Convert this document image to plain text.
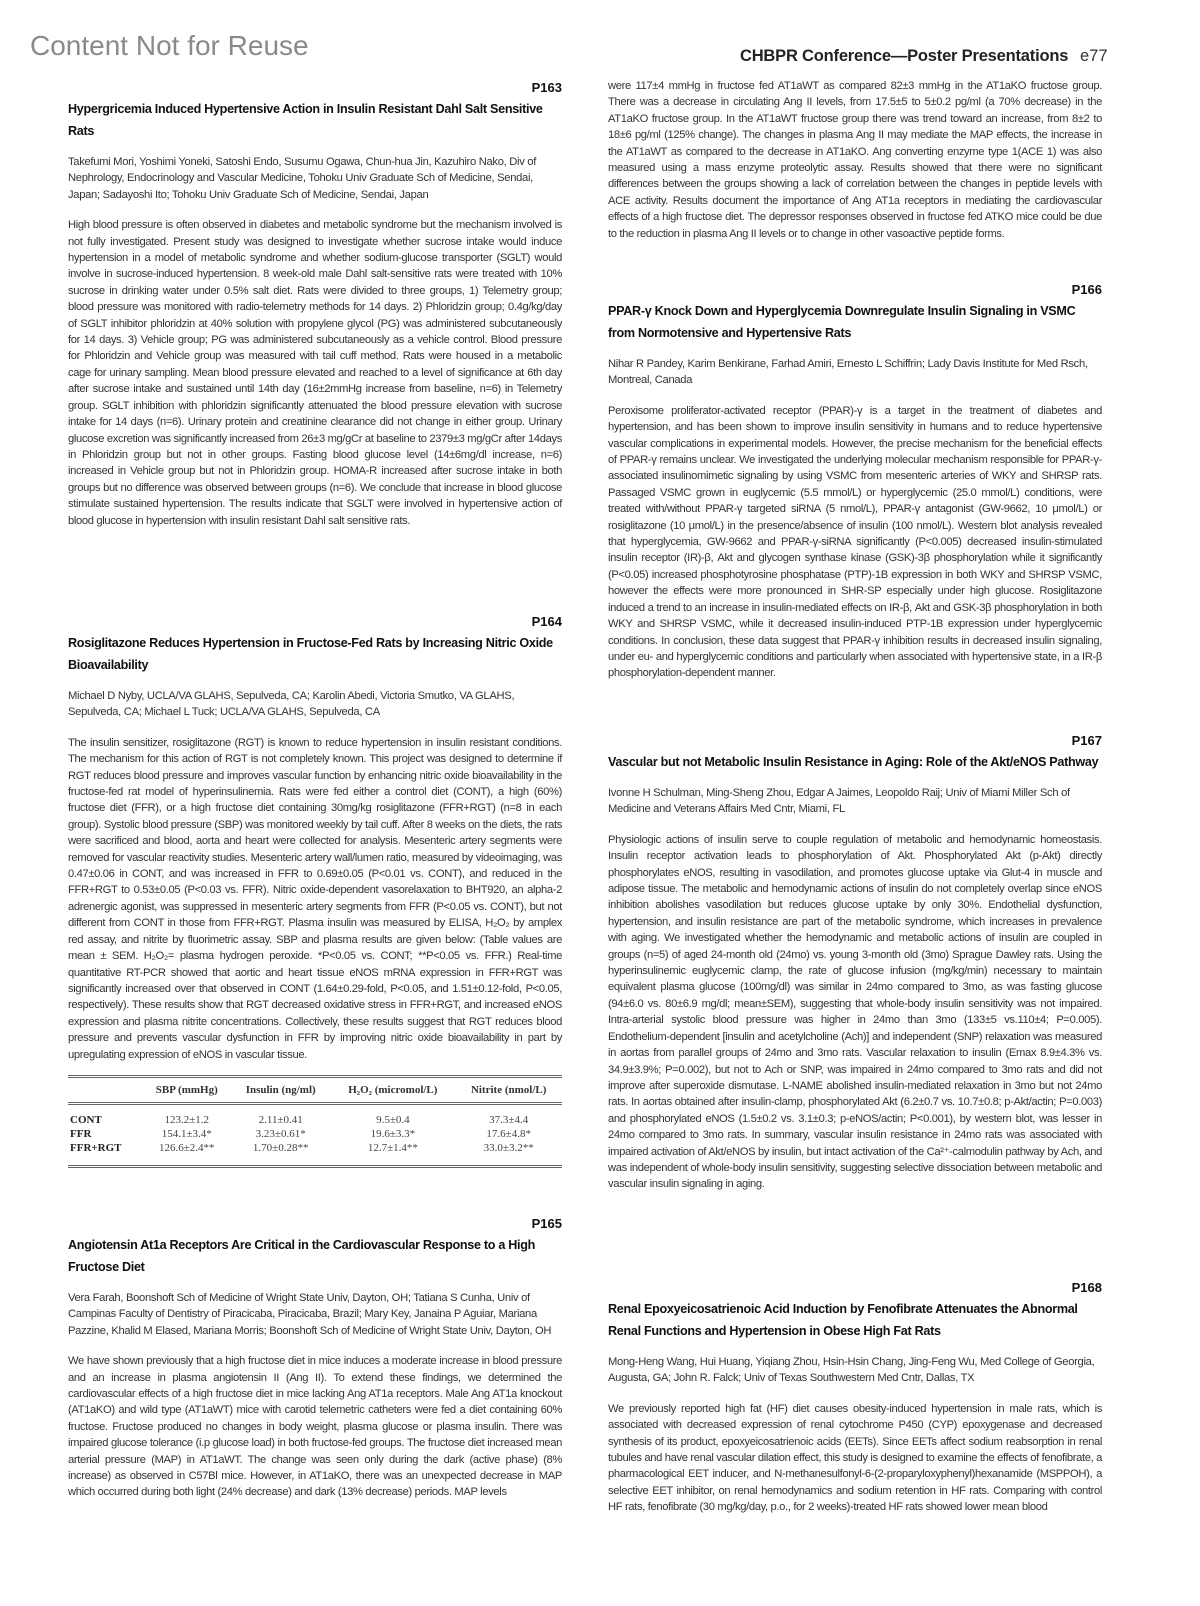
Content Not for Reuse	CHBPR Conference—Poster Presentations e77
P163
Hypergricemia Induced Hypertensive Action in Insulin Resistant Dahl Salt Sensitive Rats
Takefumi Mori, Yoshimi Yoneki, Satoshi Endo, Susumu Ogawa, Chun-hua Jin, Kazuhiro Nako, Div of Nephrology, Endocrinology and Vascular Medicine, Tohoku Univ Graduate Sch of Medicine, Sendai, Japan; Sadayoshi Ito; Tohoku Univ Graduate Sch of Medicine, Sendai, Japan
High blood pressure is often observed in diabetes and metabolic syndrome but the mechanism involved is not fully investigated. Present study was designed to investigate whether sucrose intake would induce hypertension in a model of metabolic syndrome and whether sodium-glucose transporter (SGLT) would involve in sucrose-induced hypertension. 8 week-old male Dahl salt-sensitive rats were treated with 10% sucrose in drinking water under 0.5% salt diet. Rats were divided to three groups, 1) Telemetry group; blood pressure was monitored with radio-telemetry methods for 14 days. 2) Phloridzin group; 0.4g/kg/day of SGLT inhibitor phloridzin at 40% solution with propylene glycol (PG) was administered subcutaneously for 14 days. 3) Vehicle group; PG was administered subcutaneously as a vehicle control. Blood pressure for Phloridzin and Vehicle group was measured with tail cuff method. Rats were housed in a metabolic cage for urinary sampling. Mean blood pressure elevated and reached to a level of significance at 6th day after sucrose intake and sustained until 14th day (16±2mmHg increase from baseline, n=6) in Telemetry group. SGLT inhibition with phloridzin significantly attenuated the blood pressure elevation with sucrose intake for 14 days (n=6). Urinary protein and creatinine clearance did not change in either group. Urinary glucose excretion was significantly increased from 26±3 mg/gCr at baseline to 2379±3 mg/gCr after 14days in Phloridzin group but not in other groups. Fasting blood glucose level (14±6mg/dl increase, n=6) increased in Vehicle group but not in Phloridzin group. HOMA-R increased after sucrose intake in both groups but no difference was observed between groups (n=6). We conclude that increase in blood glucose stimulate sustained hypertension. The results indicate that SGLT were involved in hypertensive action of blood glucose in hypertension with insulin resistant Dahl salt sensitive rats.
P164
Rosiglitazone Reduces Hypertension in Fructose-Fed Rats by Increasing Nitric Oxide Bioavailability
Michael D Nyby, UCLA/VA GLAHS, Sepulveda, CA; Karolin Abedi, Victoria Smutko, VA GLAHS, Sepulveda, CA; Michael L Tuck; UCLA/VA GLAHS, Sepulveda, CA
The insulin sensitizer, rosiglitazone (RGT) is known to reduce hypertension in insulin resistant conditions. The mechanism for this action of RGT is not completely known. This project was designed to determine if RGT reduces blood pressure and improves vascular function by enhancing nitric oxide bioavailability in the fructose-fed rat model of hyperinsulinemia. Rats were fed either a control diet (CONT), a high (60%) fructose diet (FFR), or a high fructose diet containing 30mg/kg rosiglitazone (FFR+RGT) (n=8 in each group). Systolic blood pressure (SBP) was monitored weekly by tail cuff. After 8 weeks on the diets, the rats were sacrificed and blood, aorta and heart were collected for analysis. Mesenteric artery segments were removed for vascular reactivity studies. Mesenteric artery wall/lumen ratio, measured by videoimaging, was 0.47±0.06 in CONT, and was increased in FFR to 0.69±0.05 (P<0.01 vs. CONT), and reduced in the FFR+RGT to 0.53±0.05 (P<0.03 vs. FFR). Nitric oxide-dependent vasorelaxation to BHT920, an alpha-2 adrenergic agonist, was suppressed in mesenteric artery segments from FFR (P<0.05 vs. CONT), but not different from CONT in those from FFR+RGT. Plasma insulin was measured by ELISA, H₂O₂ by amplex red assay, and nitrite by fluorimetric assay. SBP and plasma results are given below: (Table values are mean ± SEM. H₂O₂= plasma hydrogen peroxide. *P<0.05 vs. CONT; **P<0.05 vs. FFR.) Real-time quantitative RT-PCR showed that aortic and heart tissue eNOS mRNA expression in FFR+RGT was significantly increased over that observed in CONT (1.64±0.29-fold, P<0.05, and 1.51±0.12-fold, P<0.05, respectively). These results show that RGT decreased oxidative stress in FFR+RGT, and increased eNOS expression and plasma nitrite concentrations. Collectively, these results suggest that RGT reduces blood pressure and prevents vascular dysfunction in FFR by improving nitric oxide bioavailability in part by upregulating expression of eNOS in vascular tissue.
	SBP (mmHg)	Insulin (ng/ml)	H₂O₂ (micromol/L)	Nitrite (nmol/L)
CONT	123.2±1.2	2.11±0.41	9.5±0.4	37.3±4.4
FFR	154.1±3.4*	3.23±0.61*	19.6±3.3*	17.6±4.8*
FFR+RGT	126.6±2.4**	1.70±0.28**	12.7±1.4**	33.0±3.2**
P165
Angiotensin At1a Receptors Are Critical in the Cardiovascular Response to a High Fructose Diet
Vera Farah, Boonshoft Sch of Medicine of Wright State Univ, Dayton, OH; Tatiana S Cunha, Univ of Campinas Faculty of Dentistry of Piracicaba, Piracicaba, Brazil; Mary Key, Janaina P Aguiar, Mariana Pazzine, Khalid M Elased, Mariana Morris; Boonshoft Sch of Medicine of Wright State Univ, Dayton, OH
We have shown previously that a high fructose diet in mice induces a moderate increase in blood pressure and an increase in plasma angiotensin II (Ang II). To extend these findings, we determined the cardiovascular effects of a high fructose diet in mice lacking Ang AT1a receptors. Male Ang AT1a knockout (AT1aKO) and wild type (AT1aWT) mice with carotid telemetric catheters were fed a diet containing 60% fructose. Fructose produced no changes in body weight, plasma glucose or plasma insulin. There was impaired glucose tolerance (i.p glucose load) in both fructose-fed groups. The fructose diet increased mean arterial pressure (MAP) in AT1aWT. The change was seen only during the dark (active phase) (8% increase) as observed in C57Bl mice. However, in AT1aKO, there was an unexpected decrease in MAP which occurred during both light (24% decrease) and dark (13% decrease) periods. MAP levels
were 117±4 mmHg in fructose fed AT1aWT as compared 82±3 mmHg in the AT1aKO fructose group. There was a decrease in circulating Ang II levels, from 17.5±5 to 5±0.2 pg/ml (a 70% decrease) in the AT1aKO fructose group. In the AT1aWT fructose group there was trend toward an increase, from 8±2 to 18±6 pg/ml (125% change). The changes in plasma Ang II may mediate the MAP effects, the increase in the AT1aWT as compared to the decrease in AT1aKO. Ang converting enzyme type 1(ACE 1) was also measured using a mass enzyme proteolytic assay. Results showed that there were no significant differences between the groups showing a lack of correlation between the changes in peptide levels with ACE activity. Results document the importance of Ang AT1a receptors in mediating the cardiovascular effects of a high fructose diet. The depressor responses observed in fructose fed ATKO mice could be due to the reduction in plasma Ang II levels or to change in other vasoactive peptide forms.
P166
PPAR-γ Knock Down and Hyperglycemia Downregulate Insulin Signaling in VSMC from Normotensive and Hypertensive Rats
Nihar R Pandey, Karim Benkirane, Farhad Amiri, Ernesto L Schiffrin; Lady Davis Institute for Med Rsch, Montreal, Canada
Peroxisome proliferator-activated receptor (PPAR)-γ is a target in the treatment of diabetes and hypertension, and has been shown to improve insulin sensitivity in humans and to reduce hypertensive vascular complications in experimental models. However, the precise mechanism for the beneficial effects of PPAR-γ remains unclear. We investigated the underlying molecular mechanism responsible for PPAR-γ-associated insulinomimetic signaling by using VSMC from mesenteric arteries of WKY and SHRSP rats. Passaged VSMC grown in euglycemic (5.5 mmol/L) or hyperglycemic (25.0 mmol/L) conditions, were treated with/without PPAR-γ targeted siRNA (5 nmol/L), PPAR-γ antagonist (GW-9662, 10 μmol/L) or rosiglitazone (10 μmol/L) in the presence/absence of insulin (100 nmol/L). Western blot analysis revealed that hyperglycemia, GW-9662 and PPAR-γ-siRNA significantly (P<0.005) decreased insulin-stimulated insulin receptor (IR)-β, Akt and glycogen synthase kinase (GSK)-3β phosphorylation while it significantly (P<0.05) increased phosphotyrosine phosphatase (PTP)-1B expression in both WKY and SHRSP VSMC, however the effects were more pronounced in SHR-SP especially under high glucose. Rosiglitazone induced a trend to an increase in insulin-mediated effects on IR-β, Akt and GSK-3β phosphorylation in both WKY and SHRSP VSMC, while it decreased insulin-induced PTP-1B expression under hyperglycemic conditions. In conclusion, these data suggest that PPAR-γ inhibition results in decreased insulin signaling, under eu- and hyperglycemic conditions and particularly when associated with hypertensive state, in a IR-β phosphorylation-dependent manner.
P167
Vascular but not Metabolic Insulin Resistance in Aging: Role of the Akt/eNOS Pathway
Ivonne H Schulman, Ming-Sheng Zhou, Edgar A Jaimes, Leopoldo Raij; Univ of Miami Miller Sch of Medicine and Veterans Affairs Med Cntr, Miami, FL
Physiologic actions of insulin serve to couple regulation of metabolic and hemodynamic homeostasis. Insulin receptor activation leads to phosphorylation of Akt. Phosphorylated Akt (p-Akt) directly phosphorylates eNOS, resulting in vasodilation, and promotes glucose uptake via Glut-4 in muscle and adipose tissue. The metabolic and hemodynamic actions of insulin do not completely overlap since eNOS inhibition abolishes vasodilation but reduces glucose uptake by only 30%. Endothelial dysfunction, hypertension, and insulin resistance are part of the metabolic syndrome, which increases in prevalence with aging. We investigated whether the hemodynamic and metabolic actions of insulin are coupled in groups (n=5) of aged 24-month old (24mo) vs. young 3-month old (3mo) Sprague Dawley rats. Using the hyperinsulinemic euglycemic clamp, the rate of glucose infusion (mg/kg/min) necessary to maintain equivalent plasma glucose (100mg/dl) was similar in 24mo compared to 3mo, as was fasting glucose (94±6.0 vs. 80±6.9 mg/dl; mean±SEM), suggesting that whole-body insulin sensitivity was not impaired. Intra-arterial systolic blood pressure was higher in 24mo than 3mo (133±5 vs.110±4; P=0.005). Endothelium-dependent [insulin and acetylcholine (Ach)] and independent (SNP) relaxation was measured in aortas from parallel groups of 24mo and 3mo rats. Vascular relaxation to insulin (Emax 8.9±4.3% vs. 34.9±3.9%; P=0.002), but not to Ach or SNP, was impaired in 24mo compared to 3mo rats and did not improve after superoxide dismutase. L-NAME abolished insulin-mediated relaxation in 3mo but not 24mo rats. In aortas obtained after insulin-clamp, phosphorylated Akt (6.2±0.7 vs. 10.7±0.8; p-Akt/actin; P=0.003) and phosphorylated eNOS (1.5±0.2 vs. 3.1±0.3; p-eNOS/actin; P<0.001), by western blot, was lesser in 24mo compared to 3mo rats. In summary, vascular insulin resistance in 24mo rats was associated with impaired activation of Akt/eNOS by insulin, but intact activation of the Ca²⁺-calmodulin pathway by Ach, and was independent of whole-body insulin sensitivity, suggesting selective dissociation between metabolic and vascular insulin signaling in aging.
P168
Renal Epoxyeicosatrienoic Acid Induction by Fenofibrate Attenuates the Abnormal Renal Functions and Hypertension in Obese High Fat Rats
Mong-Heng Wang, Hui Huang, Yiqiang Zhou, Hsin-Hsin Chang, Jing-Feng Wu, Med College of Georgia, Augusta, GA; John R. Falck; Univ of Texas Southwestern Med Cntr, Dallas, TX
We previously reported high fat (HF) diet causes obesity-induced hypertension in male rats, which is associated with decreased expression of renal cytochrome P450 (CYP) epoxygenase and decreased synthesis of its product, epoxyeicosatrienoic acids (EETs). Since EETs affect sodium reabsorption in renal tubules and have renal vascular dilation effect, this study is designed to examine the effects of fenofibrate, a pharmacological EET inducer, and N-methanesulfonyl-6-(2-proparyloxyphenyl)hexanamide (MSPPOH), a selective EET inhibitor, on renal hemodynamics and sodium retention in HF rats. Comparing with control HF rats, fenofibrate (30 mg/kg/day, p.o., for 2 weeks)-treated HF rats showed lower mean blood
